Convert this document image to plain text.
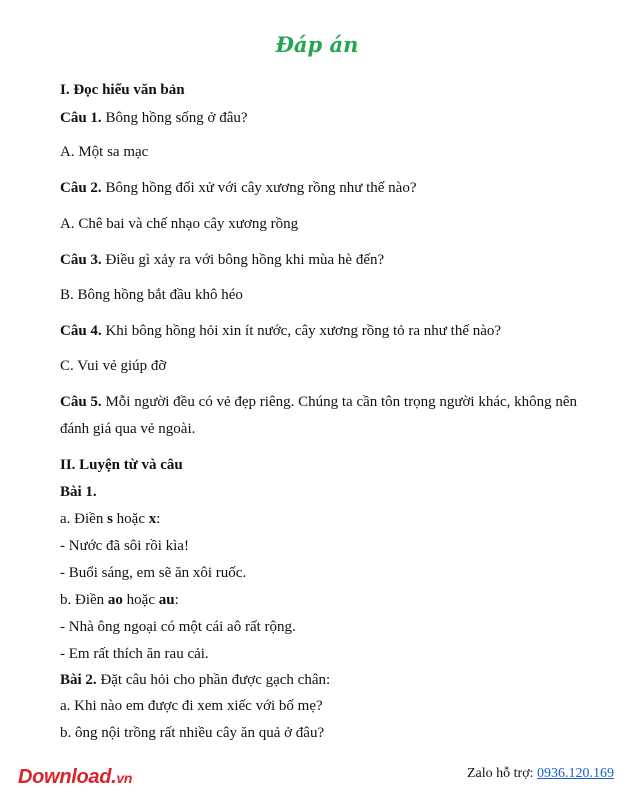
Đáp án
I. Đọc hiểu văn bản
Câu 1. Bông hồng sống ở đâu?
A. Một sa mạc
Câu 2. Bông hồng đối xử với cây xương rồng như thế nào?
A. Chê bai và chế nhạo cây xương rồng
Câu 3. Điều gì xảy ra với bông hồng khi mùa hè đến?
B. Bông hồng bắt đầu khô héo
Câu 4. Khi bông hồng hỏi xin ít nước, cây xương rồng tỏ ra như thế nào?
C. Vui vẻ giúp đỡ
Câu 5. Mỗi người đều có vẻ đẹp riêng. Chúng ta cần tôn trọng người khác, không nên đánh giá qua vẻ ngoài.
II. Luyện từ và câu
Bài 1.
a. Điền s hoặc x:
- Nước đã sôi rồi kìa!
- Buổi sáng, em sẽ ăn xôi ruốc.
b. Điền ao hoặc au:
- Nhà ông ngoại có một cái aô rất rộng.
- Em rất thích ăn rau cải.
Bài 2. Đặt câu hỏi cho phần được gạch chân:
a. Khi nào em được đi xem xiếc với bố mẹ?
b. ông nội trồng rất nhiều cây ăn quả ở đâu?
Download.vn	Zalo hỗ trợ: 0936.120.169
